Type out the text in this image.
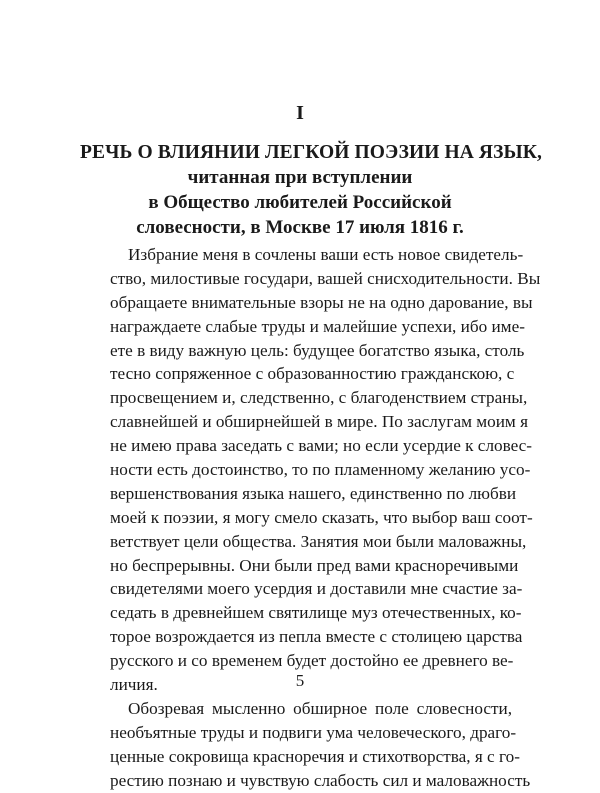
I
РЕЧЬ О ВЛИЯНИИ ЛЕГКОЙ ПОЭЗИИ НА ЯЗЫК,
читанная при вступлении
в Общество любителей Российской
словесности, в Москве 17 июля 1816 г.
Избрание меня в сочлены ваши есть новое свидетель-
ство, милостивые государи, вашей снисходительности. Вы
обращаете внимательные взоры не на одно дарование, вы
награждаете слабые труды и малейшие успехи, ибо име-
ете в виду важную цель: будущее богатство языка, столь
тесно сопряженное с образованностию гражданскою, с
просвещением и, следственно, с благоденствием страны,
славнейшей и обширнейшей в мире. По заслугам моим я
не имею права заседать с вами; но если усердие к словес-
ности есть достоинство, то по пламенному желанию усо-
вершенствования языка нашего, единственно по любви
моей к поэзии, я могу смело сказать, что выбор ваш соот-
ветствует цели общества. Занятия мои были маловажны,
но беспрерывны. Они были пред вами красноречивыми
свидетелями моего усердия и доставили мне счастие за-
седать в древнейшем святилище муз отечественных, ко-
торое возрождается из пепла вместе с столицею царства
русского и со временем будет достойно ее древнего ве-
личия.
Обозревая мысленно обширное поле словесности,
необъятные труды и подвиги ума человеческого, драго-
ценные сокровища красноречия и стихотворства, я с го-
рестию познаю и чувствую слабость сил и маловажность
5
